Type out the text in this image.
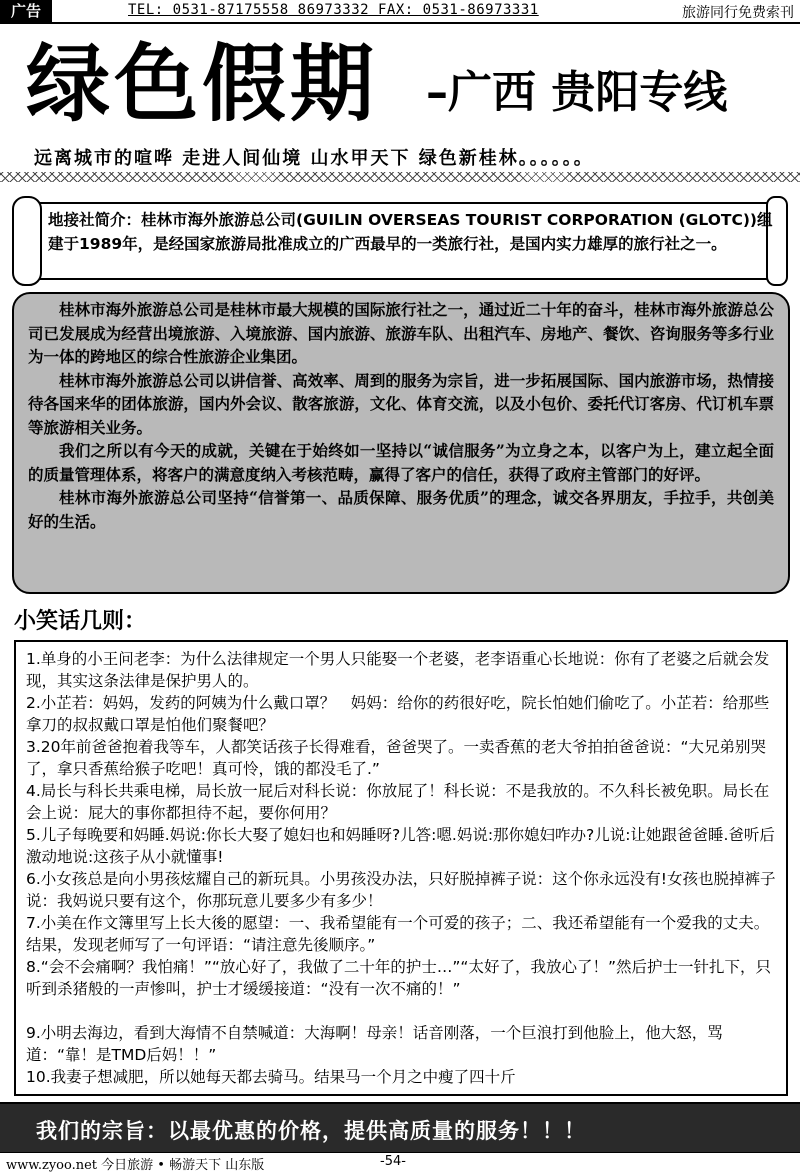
广告	TEL: 0531-87175558 86973332 FAX: 0531-86973331	旅游同行免费索刊
绿色假期 –广西 贵阳专线
远离城市的喧哗 走进人间仙境 山水甲天下 绿色新桂林。。。。。。
地接社简介：桂林市海外旅游总公司(GUILIN OVERSEAS TOURIST CORPORATION (GLOTC))组建于1989年，是经国家旅游局批准成立的广西最早的一类旅行社，是国内实力雄厚的旅行社之一。

桂林市海外旅游总公司是桂林市最大规模的国际旅行社之一，通过近二十年的奋斗，桂林市海外旅游总公司已发展成为经营出境旅游、入境旅游、国内旅游、旅游车队、出租汽车、房地产、餐饮、咨询服务等多行业为一体的跨地区的综合性旅游企业集团。

桂林市海外旅游总公司以讲信誉、高效率、周到的服务为宗旨，进一步拓展国际、国内旅游市场，热情接待各国来华的团体旅游，国内外会议、散客旅游，文化、体育交流，以及小包价、委托代订客房、代订机车票等旅游相关业务。

我们之所以有今天的成就，关键在于始终如一坚持以“诚信服务”为立身之本，以客户为上，建立起全面的质量管理体系，将客户的满意度纳入考核范畴，赢得了客户的信任，获得了政府主管部门的好评。

桂林市海外旅游总公司坚持“信誉第一、品质保障、服务优质”的理念，诚交各界朋友，手拉手，共创美好的生活。

小笑话几则：
1.单身的小王问老李：为什么法律规定一个男人只能娶一个老婆，老李语重心长地说：你有了老婆之后就会发现，其实这条法律是保护男人的。
2.小芷若：妈妈，发药的阿姨为什么戴口罩？　妈妈：给你的药很好吃，院长怕她们偷吃了。小芷若：给那些拿刀的叔叔戴口罩是怕他们聚餐吧？
3.20年前爸爸抱着我等车，人都笑话孩子长得难看，爸爸哭了。一卖香蕉的老大爷拍拍爸爸说：“大兄弟别哭了，拿只香蕉给猴子吃吧！真可怜，饿的都没毛了.”
4.局长与科长共乘电梯，局长放一屁后对科长说：你放屁了！科长说：不是我放的。不久科长被免职。局长在会上说：屁大的事你都担待不起，要你何用？
5.儿子每晚要和妈睡.妈说:你长大娶了媳妇也和妈睡呀?儿答:嗯.妈说:那你媳妇咋办?儿说:让她跟爸爸睡.爸听后激动地说:这孩子从小就懂事!
6.小女孩总是向小男孩炫耀自己的新玩具。小男孩没办法，只好脱掉裤子说：这个你永远没有!女孩也脱掉裤子说：我妈说只要有这个，你那玩意儿要多少有多少！
7.小美在作文簿里写上长大後的愿望：一、我希望能有一个可爱的孩子；二、我还希望能有一个爱我的丈夫。结果，发现老师写了一句评语：“请注意先後顺序。”
8.“会不会痛啊？我怕痛！”“放心好了，我做了二十年的护士…”“太好了，我放心了！”然后护士一针扎下，只听到杀猪般的一声惨叫，护士才缓缓接道：“没有一次不痛的！”
9.小明去海边，看到大海情不自禁喊道：大海啊！母亲！话音刚落，一个巨浪打到他脸上，他大怒，骂道：“靠！是TMD后妈！！”
10.我妻子想减肥，所以她每天都去骑马。结果马一个月之中瘦了四十斤
我们的宗旨：以最优惠的价格，提供高质量的服务！！！
www.zyoo.net 今日旅游 • 畅游天下 山东版	-54-
